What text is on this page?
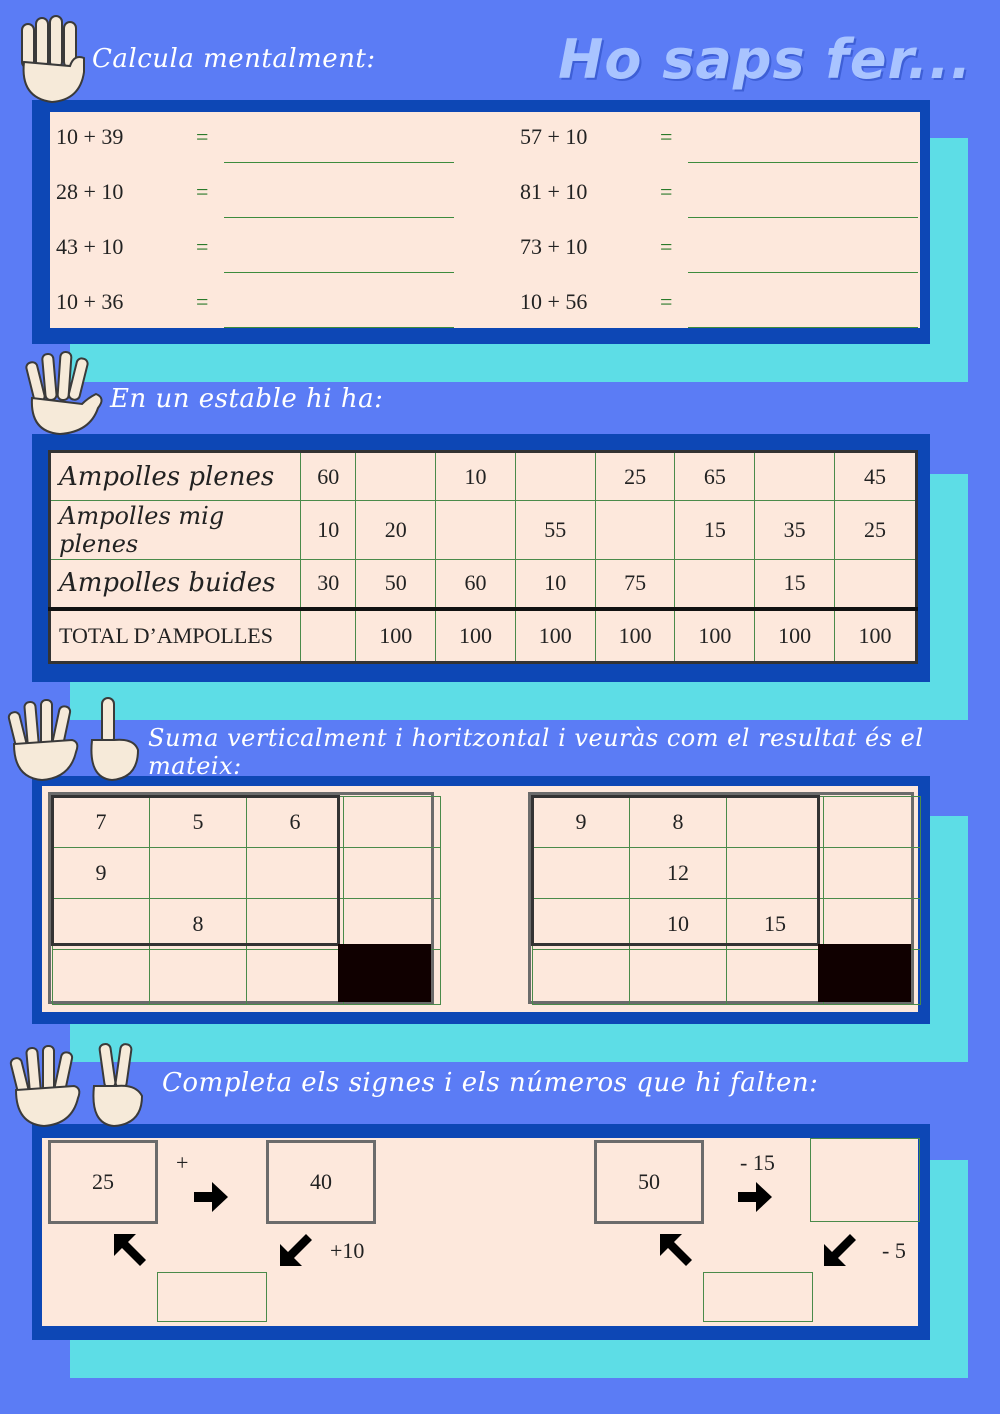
Calcula mentalment:	Ho saps fer...
10 + 39	=
28 + 10	=
43 + 10	=
10 + 36	=
57 + 10	=
81 + 10	=
73 + 10	=
10 + 56	=
En un estable hi ha:
Ampolles plenes	60		10		25	65		45
Ampolles mig plenes	10	20		55		15	35	25
Ampolles buides	30	50	60	10	75		15	
TOTAL D’AMPOLLES		100	100	100	100	100	100	100
Suma verticalment i horitzontal i veuràs com el resultat és el mateix:
7	5	6	
9			
	8		

9	8		
	12		
	10	15	

Completa els signes i els números que hi falten:
25
+
40
+10
50
- 15
- 5
